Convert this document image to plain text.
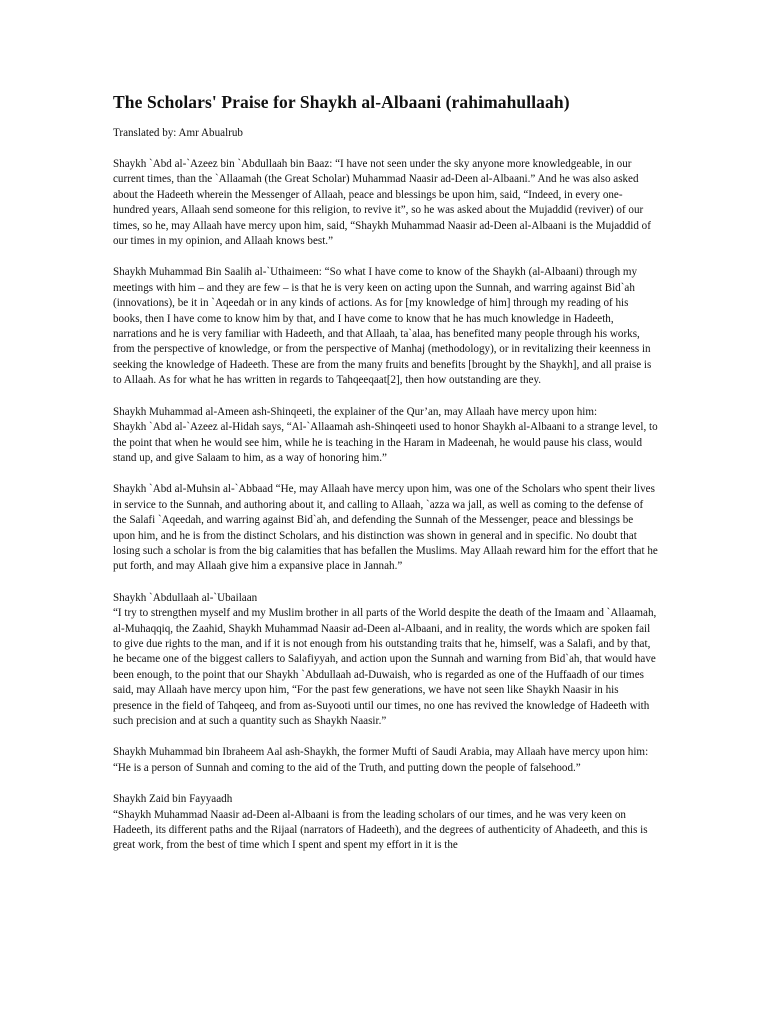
The Scholars' Praise for Shaykh al-Albaani (rahimahullaah)
Translated by: Amr Abualrub
Shaykh `Abd al-`Azeez bin `Abdullaah bin Baaz: “I have not seen under the sky anyone more knowledgeable, in our current times, than the `Allaamah (the Great Scholar) Muhammad Naasir ad-Deen al-Albaani.” And he was also asked about the Hadeeth wherein the Messenger of Allaah, peace and blessings be upon him, said, “Indeed, in every one-hundred years, Allaah send someone for this religion, to revive it”, so he was asked about the Mujaddid (reviver) of our times, so he, may Allaah have mercy upon him, said, “Shaykh Muhammad Naasir ad-Deen al-Albaani is the Mujaddid of our times in my opinion, and Allaah knows best.”
Shaykh Muhammad Bin Saalih al-`Uthaimeen: “So what I have come to know of the Shaykh (al-Albaani) through my meetings with him – and they are few – is that he is very keen on acting upon the Sunnah, and warring against Bid`ah (innovations), be it in `Aqeedah or in any kinds of actions. As for [my knowledge of him] through my reading of his books, then I have come to know him by that, and I have come to know that he has much knowledge in Hadeeth, narrations and he is very familiar with Hadeeth, and that Allaah, ta`alaa, has benefited many people through his works, from the perspective of knowledge, or from the perspective of Manhaj (methodology), or in revitalizing their keenness in seeking the knowledge of Hadeeth. These are from the many fruits and benefits [brought by the Shaykh], and all praise is to Allaah. As for what he has written in regards to Tahqeeqaat[2], then how outstanding are they.
Shaykh Muhammad al-Ameen ash-Shinqeeti, the explainer of the Qur’an, may Allaah have mercy upon him:
Shaykh `Abd al-`Azeez al-Hidah says, “Al-`Allaamah ash-Shinqeeti used to honor Shaykh al-Albaani to a strange level, to the point that when he would see him, while he is teaching in the Haram in Madeenah, he would pause his class, would stand up, and give Salaam to him, as a way of honoring him.”
Shaykh `Abd al-Muhsin al-`Abbaad “He, may Allaah have mercy upon him, was one of the Scholars who spent their lives in service to the Sunnah, and authoring about it, and calling to Allaah, `azza wa jall, as well as coming to the defense of the Salafi `Aqeedah, and warring against Bid`ah, and defending the Sunnah of the Messenger, peace and blessings be upon him, and he is from the distinct Scholars, and his distinction was shown in general and in specific. No doubt that losing such a scholar is from the big calamities that has befallen the Muslims. May Allaah reward him for the effort that he put forth, and may Allaah give him a expansive place in Jannah.”
Shaykh `Abdullaah al-`Ubailaan
“I try to strengthen myself and my Muslim brother in all parts of the World despite the death of the Imaam and `Allaamah, al-Muhaqqiq, the Zaahid, Shaykh Muhammad Naasir ad-Deen al-Albaani, and in reality, the words which are spoken fail to give due rights to the man, and if it is not enough from his outstanding traits that he, himself, was a Salafi, and by that, he became one of the biggest callers to Salafiyyah, and action upon the Sunnah and warning from Bid`ah, that would have been enough, to the point that our Shaykh `Abdullaah ad-Duwaish, who is regarded as one of the Huffaadh of our times said, may Allaah have mercy upon him, “For the past few generations, we have not seen like Shaykh Naasir in his presence in the field of Tahqeeq, and from as-Suyooti until our times, no one has revived the knowledge of Hadeeth with such precision and at such a quantity such as Shaykh Naasir.”
Shaykh Muhammad bin Ibraheem Aal ash-Shaykh, the former Mufti of Saudi Arabia, may Allaah have mercy upon him:
“He is a person of Sunnah and coming to the aid of the Truth, and putting down the people of falsehood.”
Shaykh Zaid bin Fayyaadh
“Shaykh Muhammad Naasir ad-Deen al-Albaani is from the leading scholars of our times, and he was very keen on Hadeeth, its different paths and the Rijaal (narrators of Hadeeth), and the degrees of authenticity of Ahadeeth, and this is great work, from the best of time which I spent and spent my effort in it is the
